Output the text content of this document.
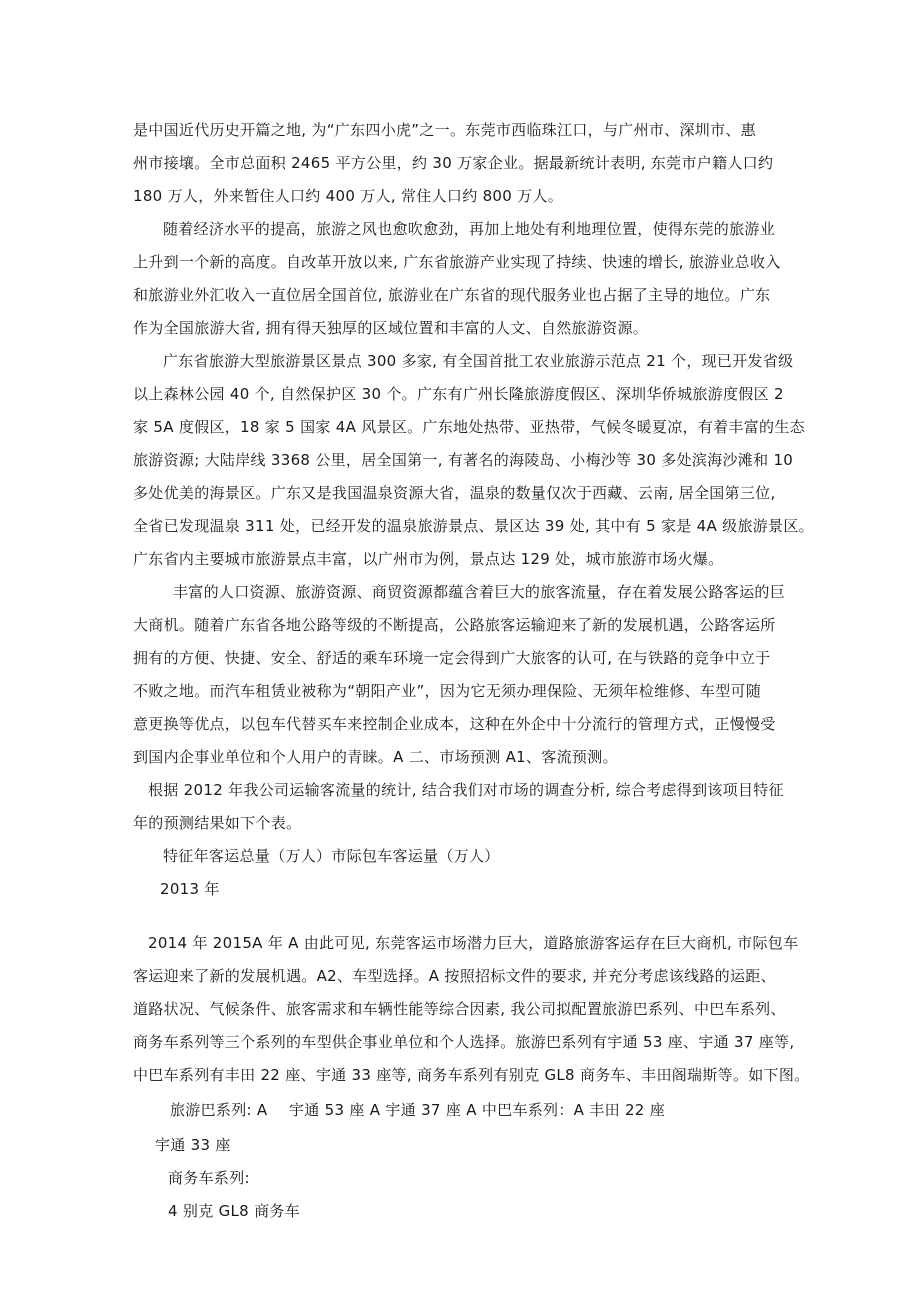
是中国近代历史开篇之地, 为“广东四小虎”之一。东莞市西临珠江口，与广州市、深圳市、惠
州市接壤。全市总面积 2465 平方公里，约 30 万家企业。据最新统计表明, 东莞市户籍人口约
180 万人，外来暂住人口约 400 万人, 常住人口约 800 万人。
随着经济水平的提高，旅游之风也愈吹愈劲，再加上地处有利地理位置，使得东莞的旅游业
上升到一个新的高度。自改革开放以来, 广东省旅游产业实现了持续、快速的增长, 旅游业总收入
和旅游业外汇收入一直位居全国首位, 旅游业在广东省的现代服务业也占据了主导的地位。广东
作为全国旅游大省, 拥有得天独厚的区域位置和丰富的人文、自然旅游资源。
广东省旅游大型旅游景区景点 300 多家, 有全国首批工农业旅游示范点 21 个，现已开发省级
以上森林公园 40 个, 自然保护区 30 个。广东有广州长隆旅游度假区、深圳华侨城旅游度假区 2
家 5A 度假区，18 家 5 国家 4A 风景区。广东地处热带、亚热带，气候冬暖夏凉，有着丰富的生态
旅游资源; 大陆岸线 3368 公里，居全国第一, 有著名的海陵岛、小梅沙等 30 多处滨海沙滩和 10
多处优美的海景区。广东又是我国温泉资源大省，温泉的数量仅次于西藏、云南, 居全国第三位,
全省已发现温泉 311 处，已经开发的温泉旅游景点、景区达 39 处, 其中有 5 家是 4A 级旅游景区。
广东省内主要城市旅游景点丰富，以广州市为例，景点达 129 处，城市旅游市场火爆。
丰富的人口资源、旅游资源、商贸资源都蕴含着巨大的旅客流量，存在着发展公路客运的巨
大商机。随着广东省各地公路等级的不断提高，公路旅客运输迎来了新的发展机遇，公路客运所
拥有的方便、快捷、安全、舒适的乘车环境一定会得到广大旅客的认可, 在与铁路的竞争中立于
不败之地。而汽车租赁业被称为“朝阳产业”，因为它无须办理保险、无须年检维修、车型可随
意更换等优点，以包车代替买车来控制企业成本，这种在外企中十分流行的管理方式，正慢慢受
到国内企事业单位和个人用户的青睐。A 二、市场预测 A1、客流预测。
根据 2012 年我公司运输客流量的统计, 结合我们对市场的调查分析, 综合考虑得到该项目特征
年的预测结果如下个表。
特征年客运总量（万人）市际包车客运量（万人）
2013 年
2014 年 2015A 年 A 由此可见, 东莞客运市场潜力巨大，道路旅游客运存在巨大商机, 市际包车
客运迎来了新的发展机遇。A2、车型选择。A 按照招标文件的要求, 并充分考虑该线路的运距、
道路状况、气候条件、旅客需求和车辆性能等综合因素, 我公司拟配置旅游巴系列、中巴车系列、
商务车系列等三个系列的车型供企事业单位和个人选择。旅游巴系列有宇通 53 座、宇通 37 座等,
中巴车系列有丰田 22 座、宇通 33 座等, 商务车系列有别克 GL8 商务车、丰田阁瑞斯等。如下图。
旅游巴系列: A 宇通 53 座 A 宇通 37 座 A 中巴车系列：A 丰田 22 座
宇通 33 座
商务车系列:
4 别克 GL8 商务车
